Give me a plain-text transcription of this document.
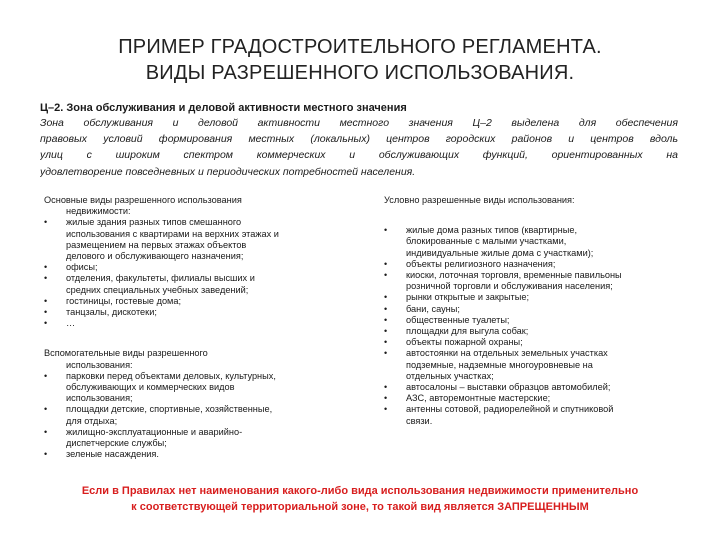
ПРИМЕР ГРАДОСТРОИТЕЛЬНОГО РЕГЛАМЕНТА.
ВИДЫ РАЗРЕШЕННОГО ИСПОЛЬЗОВАНИЯ.
Ц–2. Зона обслуживания и деловой активности местного значения
Зона обслуживания и деловой активности местного значения Ц–2 выделена для обеспечения
правовых условий формирования местных (локальных) центров городских районов и центров вдоль
улиц с широким спектром коммерческих и обслуживающих функций, ориентированных на
удовлетворение повседневных и периодических потребностей населения.
Основные виды разрешенного использования
недвижимости:
• жилые здания разных типов смешанного
использования с квартирами на верхних этажах и
размещением на первых этажах объектов
делового и обслуживающего назначения;
• офисы;
• отделения, факультеты, филиалы высших и
средних специальных учебных заведений;
• гостиницы, гостевые дома;
• танцзалы, дискотеки;
• …
Вспомогательные виды разрешенного
использования:
• парковки перед объектами деловых, культурных,
обслуживающих и коммерческих видов
использования;
• площадки детские, спортивные, хозяйственные,
для отдыха;
• жилищно-эксплуатационные и аварийно-
диспетчерские службы;
• зеленые насаждения.
Условно разрешенные виды использования:
• жилые дома разных типов (квартирные,
блокированные с малыми участками,
индивидуальные жилые дома с участками);
• объекты религиозного назначения;
• киоски, лоточная торговля, временные павильоны
розничной торговли и обслуживания населения;
• рынки открытые и закрытые;
• бани, сауны;
• общественные туалеты;
• площадки для выгула собак;
• объекты пожарной охраны;
• автостоянки на отдельных земельных участках
подземные, надземные многоуровневые на
отдельных участках;
• автосалоны – выставки образцов автомобилей;
• АЗС, авторемонтные мастерские;
• антенны сотовой, радиорелейной и спутниковой
связи.
Если в Правилах нет наименования какого-либо вида использования недвижимости применительно
к соответствующей территориальной зоне, то такой вид является ЗАПРЕЩЕННЫМ
